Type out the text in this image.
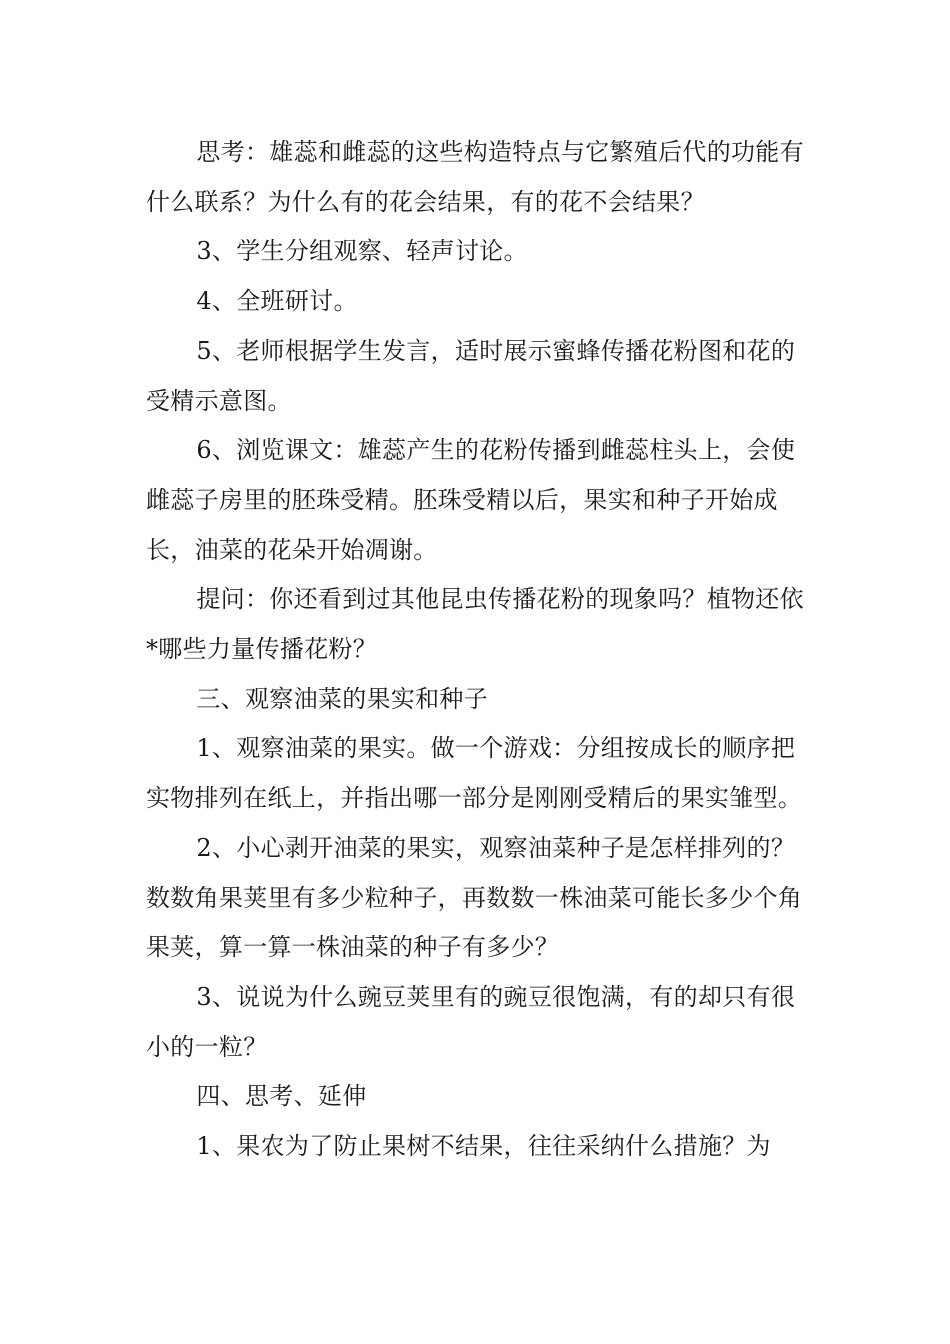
思考：雄蕊和雌蕊的这些构造特点与它繁殖后代的功能有什么联系？为什么有的花会结果，有的花不会结果？

3、学生分组观察、轻声讨论。

4、全班研讨。

5、老师根据学生发言，适时展示蜜蜂传播花粉图和花的受精示意图。

6、浏览课文：雄蕊产生的花粉传播到雌蕊柱头上，会使雌蕊子房里的胚珠受精。胚珠受精以后，果实和种子开始成长，油菜的花朵开始凋谢。

提问：你还看到过其他昆虫传播花粉的现象吗？植物还依*哪些力量传播花粉？

三、观察油菜的果实和种子

1、观察油菜的果实。做一个游戏：分组按成长的顺序把实物排列在纸上，并指出哪一部分是刚刚受精后的果实雏型。

2、小心剥开油菜的果实，观察油菜种子是怎样排列的？数数角果荚里有多少粒种子，再数数一株油菜可能长多少个角果荚，算一算一株油菜的种子有多少？

3、说说为什么豌豆荚里有的豌豆很饱满，有的却只有很小的一粒？

四、思考、延伸

1、果农为了防止果树不结果，往往采纳什么措施？为
